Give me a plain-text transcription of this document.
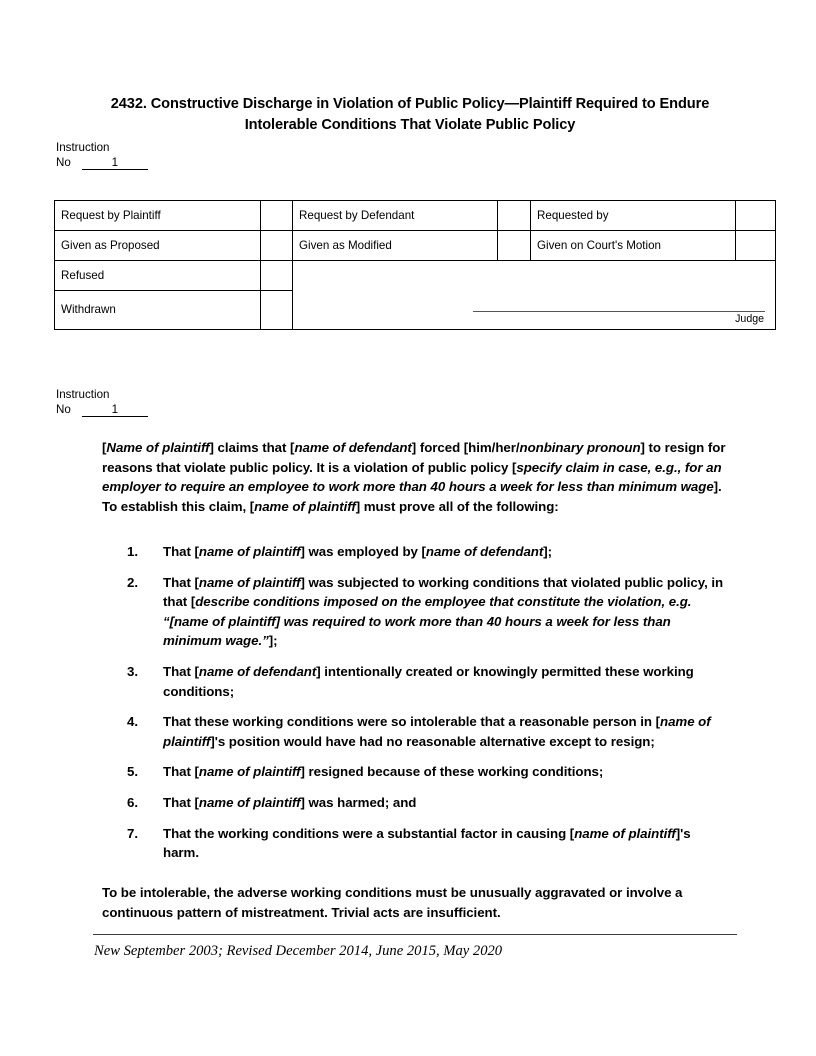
2432. Constructive Discharge in Violation of Public Policy—Plaintiff Required to Endure Intolerable Conditions That Violate Public Policy
Instruction
No	1
Request by Plaintiff		Request by Defendant		Requested by	
Given as Proposed		Given as Modified		Given on Court's Motion	
Refused		Judge			

Withdrawn					
Instruction
No	1
[Name of plaintiff] claims that [name of defendant] forced [him/her/nonbinary pronoun] to resign for reasons that violate public policy. It is a violation of public policy [specify claim in case, e.g., for an employer to require an employee to work more than 40 hours a week for less than minimum wage]. To establish this claim, [name of plaintiff] must prove all of the following:
1.	That [name of plaintiff] was employed by [name of defendant];
2.	That [name of plaintiff] was subjected to working conditions that violated public policy, in that [describe conditions imposed on the employee that constitute the violation, e.g. “[name of plaintiff] was required to work more than 40 hours a week for less than minimum wage.”];
3.	That [name of defendant] intentionally created or knowingly permitted these working conditions;
4.	That these working conditions were so intolerable that a reasonable person in [name of plaintiff]'s position would have had no reasonable alternative except to resign;
5.	That [name of plaintiff] resigned because of these working conditions;
6.	That [name of plaintiff] was harmed; and
7.	That the working conditions were a substantial factor in causing [name of plaintiff]'s harm.
To be intolerable, the adverse working conditions must be unusually aggravated or involve a continuous pattern of mistreatment. Trivial acts are insufficient.
New September 2003; Revised December 2014, June 2015, May 2020
